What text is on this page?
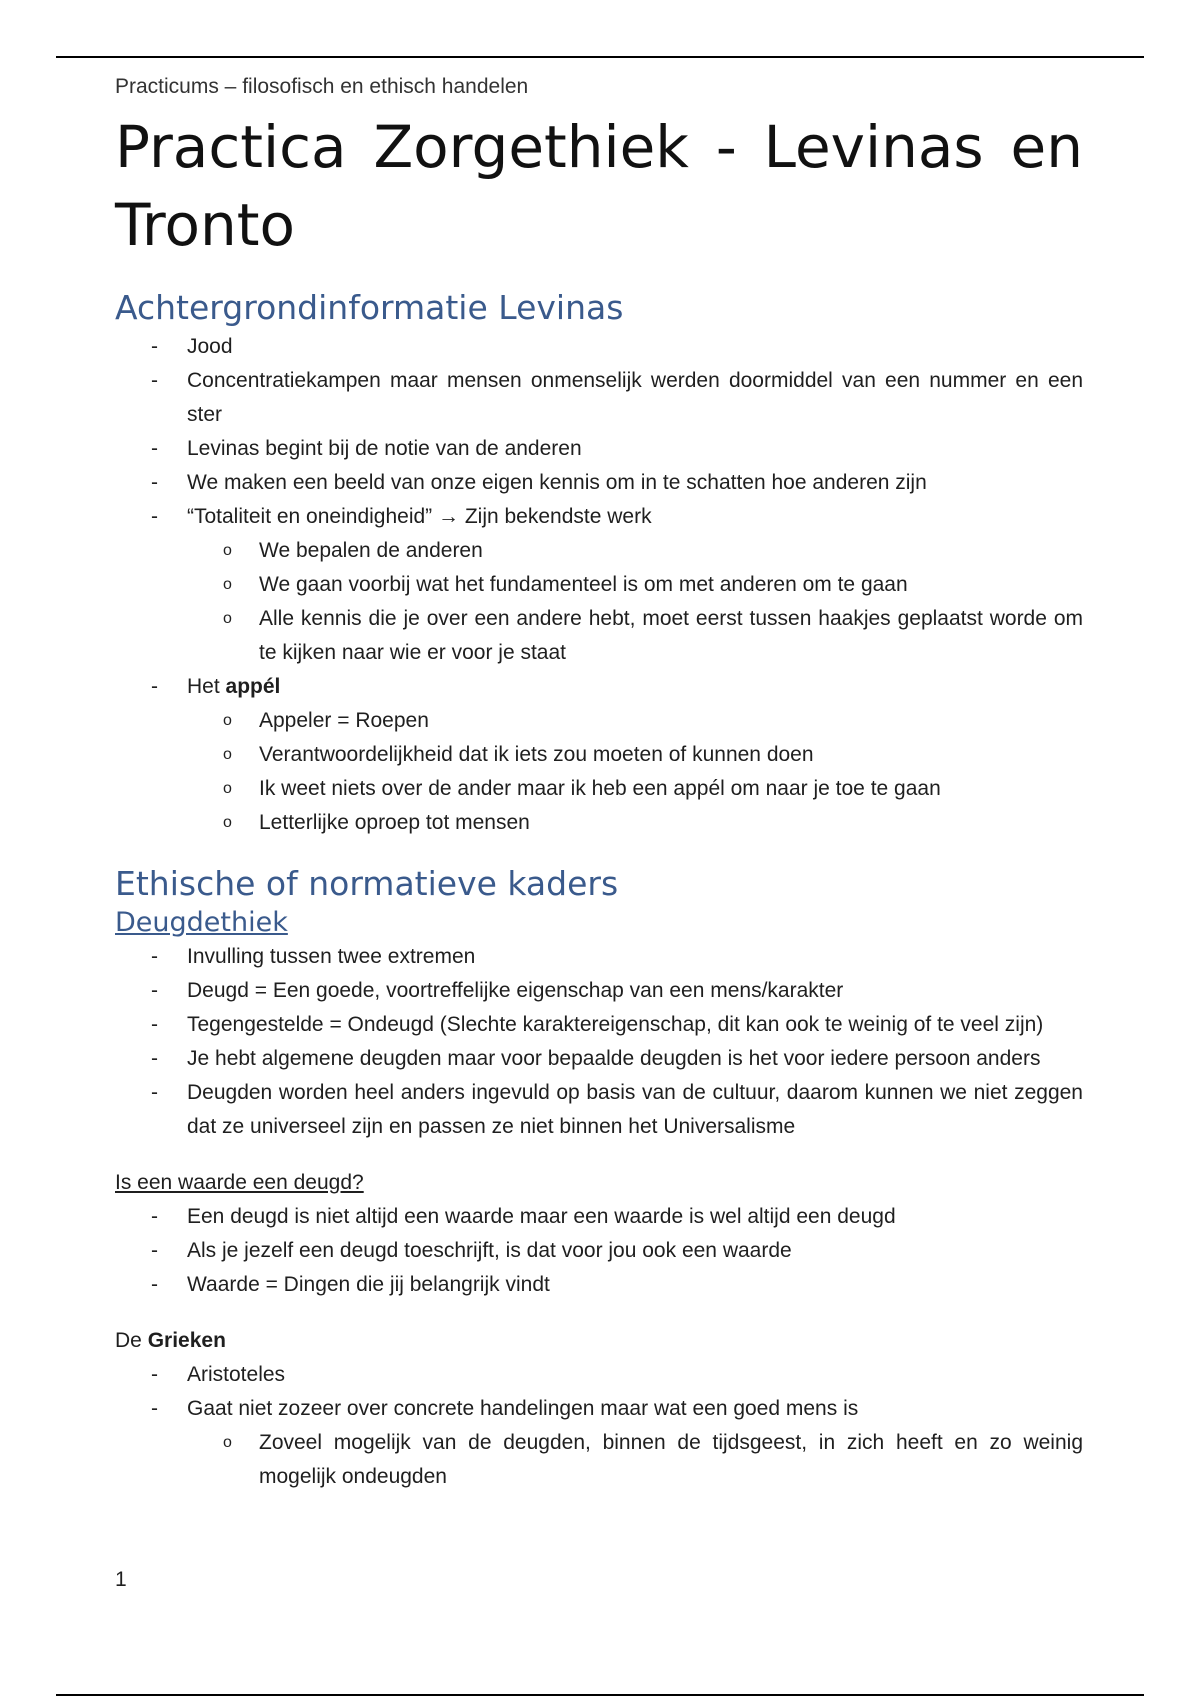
Practicums – filosofisch en ethisch handelen
Practica Zorgethiek - Levinas en Tronto
Achtergrondinformatie Levinas
- Jood
- Concentratiekampen maar mensen onmenselijk werden doormiddel van een nummer en een ster
- Levinas begint bij de notie van de anderen
- We maken een beeld van onze eigen kennis om in te schatten hoe anderen zijn
- “Totaliteit en oneindigheid” → Zijn bekendste werk
o We bepalen de anderen
o We gaan voorbij wat het fundamenteel is om met anderen om te gaan
o Alle kennis die je over een andere hebt, moet eerst tussen haakjes geplaatst worde om te kijken naar wie er voor je staat
- Het appél
o Appeler = Roepen
o Verantwoordelijkheid dat ik iets zou moeten of kunnen doen
o Ik weet niets over de ander maar ik heb een appél om naar je toe te gaan
o Letterlijke oproep tot mensen
Ethische of normatieve kaders
Deugdethiek
- Invulling tussen twee extremen
- Deugd = Een goede, voortreffelijke eigenschap van een mens/karakter
- Tegengestelde = Ondeugd (Slechte karaktereigenschap, dit kan ook te weinig of te veel zijn)
- Je hebt algemene deugden maar voor bepaalde deugden is het voor iedere persoon anders
- Deugden worden heel anders ingevuld op basis van de cultuur, daarom kunnen we niet zeggen dat ze universeel zijn en passen ze niet binnen het Universalisme

Is een waarde een deugd?

- Een deugd is niet altijd een waarde maar een waarde is wel altijd een deugd
- Als je jezelf een deugd toeschrijft, is dat voor jou ook een waarde
- Waarde = Dingen die jij belangrijk vindt

De Grieken

- Aristoteles
- Gaat niet zozeer over concrete handelingen maar wat een goed mens is
o Zoveel mogelijk van de deugden, binnen de tijdsgeest, in zich heeft en zo weinig mogelijk ondeugden
1
